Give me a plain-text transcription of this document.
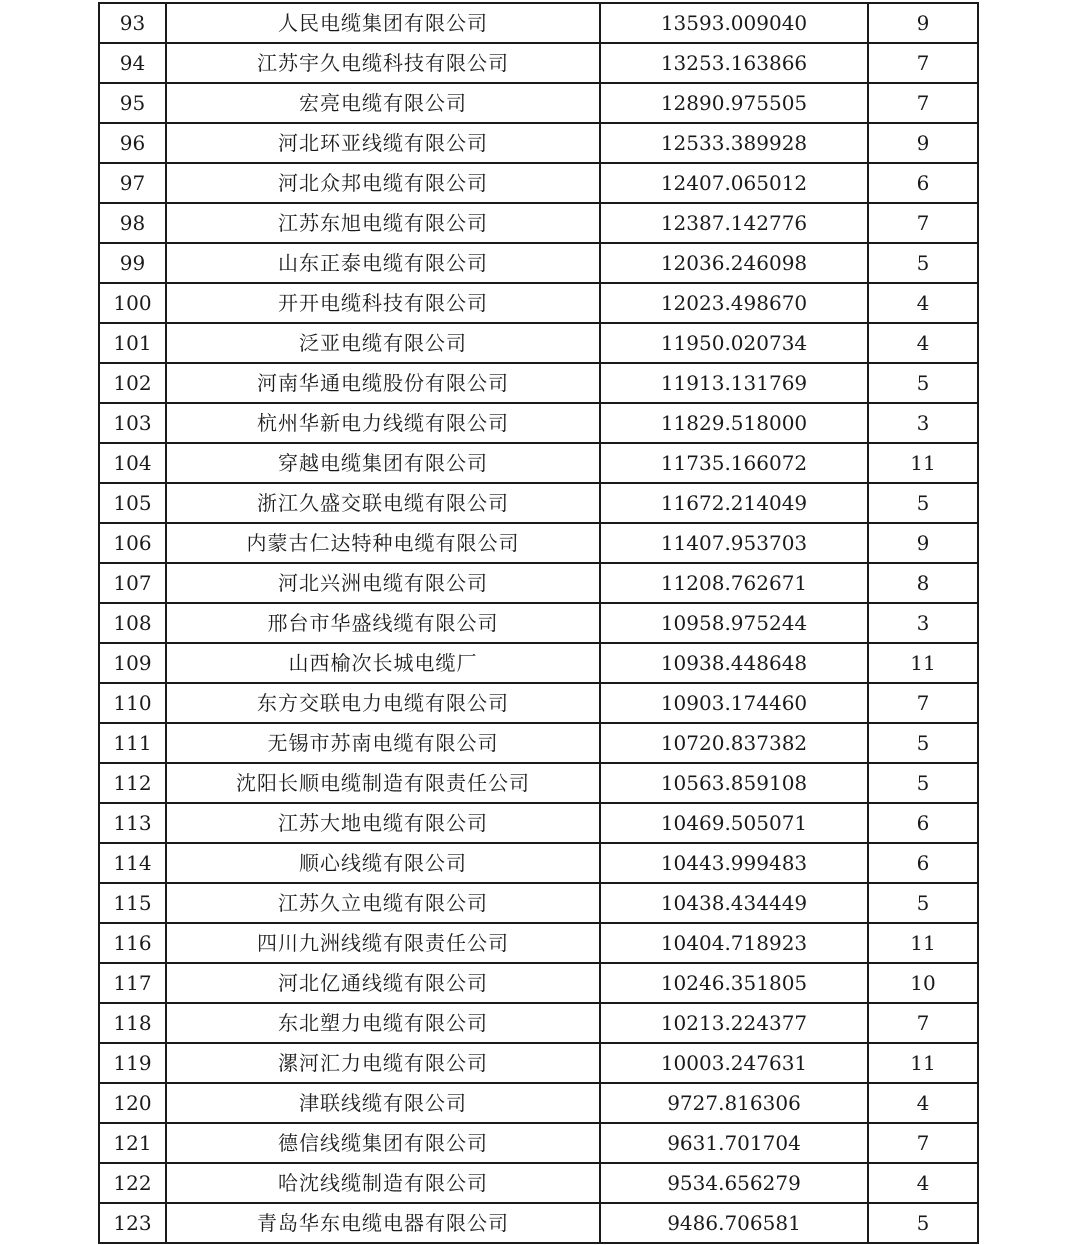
93	人民电缆集团有限公司	13593.009040	9
94	江苏宇久电缆科技有限公司	13253.163866	7
95	宏亮电缆有限公司	12890.975505	7
96	河北环亚线缆有限公司	12533.389928	9
97	河北众邦电缆有限公司	12407.065012	6
98	江苏东旭电缆有限公司	12387.142776	7
99	山东正泰电缆有限公司	12036.246098	5
100	开开电缆科技有限公司	12023.498670	4
101	泛亚电缆有限公司	11950.020734	4
102	河南华通电缆股份有限公司	11913.131769	5
103	杭州华新电力线缆有限公司	11829.518000	3
104	穿越电缆集团有限公司	11735.166072	11
105	浙江久盛交联电缆有限公司	11672.214049	5
106	内蒙古仁达特种电缆有限公司	11407.953703	9
107	河北兴洲电缆有限公司	11208.762671	8
108	邢台市华盛线缆有限公司	10958.975244	3
109	山西榆次长城电缆厂	10938.448648	11
110	东方交联电力电缆有限公司	10903.174460	7
111	无锡市苏南电缆有限公司	10720.837382	5
112	沈阳长顺电缆制造有限责任公司	10563.859108	5
113	江苏大地电缆有限公司	10469.505071	6
114	顺心线缆有限公司	10443.999483	6
115	江苏久立电缆有限公司	10438.434449	5
116	四川九洲线缆有限责任公司	10404.718923	11
117	河北亿通线缆有限公司	10246.351805	10
118	东北塑力电缆有限公司	10213.224377	7
119	漯河汇力电缆有限公司	10003.247631	11
120	津联线缆有限公司	9727.816306	4
121	德信线缆集团有限公司	9631.701704	7
122	哈沈线缆制造有限公司	9534.656279	4
123	青岛华东电缆电器有限公司	9486.706581	5
